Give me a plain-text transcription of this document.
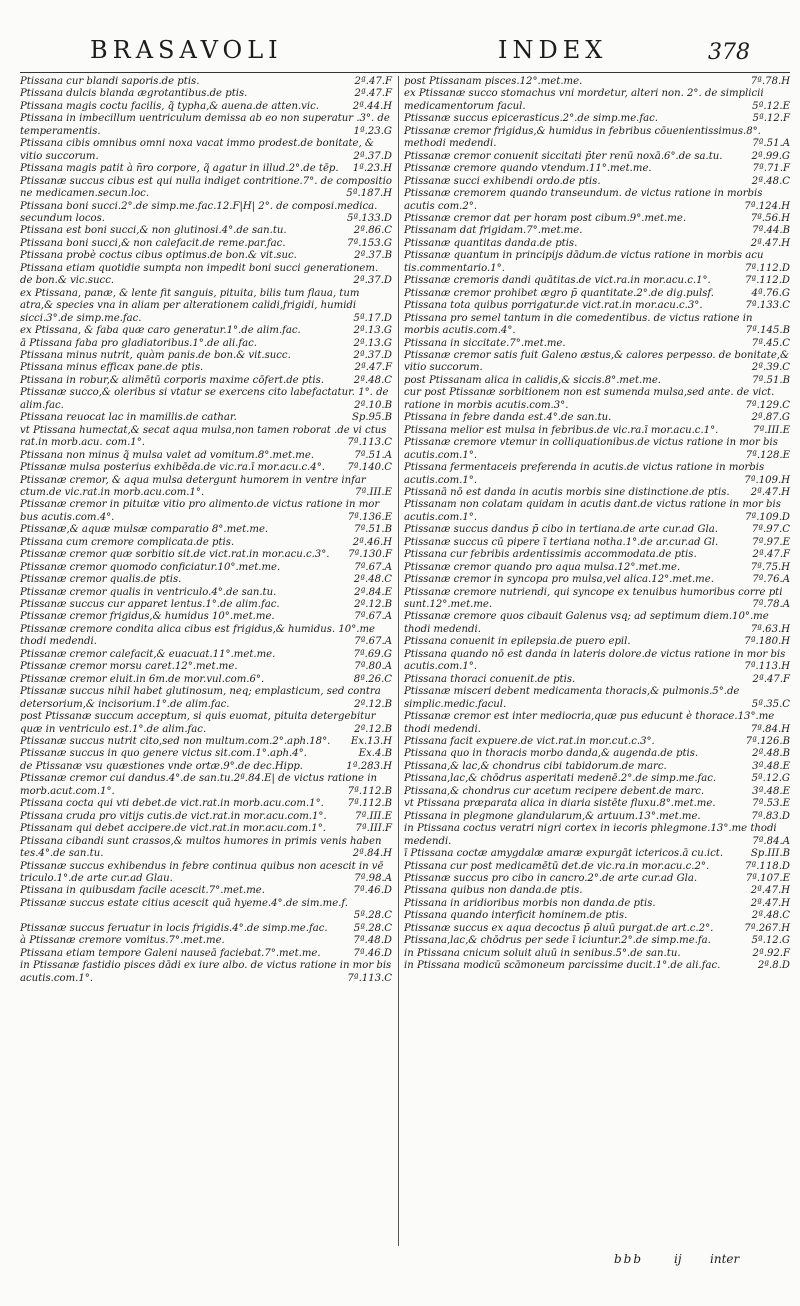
BRASAVOLI	INDEX	378

Ptissana cur blandi saporis.de ptis.	2ª.47.F

Ptissana dulcis blanda ægrotantibus.de ptis.	2ª.47.F

Ptissana magis coctu facilis, q̃ typha,& auena.de atten.vic.	2ª.44.H

Ptissana in imbecillum uentriculum demissa ab eo non superatur .3°. de temperamentis.	1ª.23.G

Ptissana cibis omnibus omni noxa vacat immo prodest.de bonitate, & vitio succorum.	2ª.37.D

Ptissana magis patit à n̄ro corpore, q̃ agatur in illud.2°.de tēp.	1ª.23.H

Ptissanæ succus cibus est qui nulla indiget contritione.7°. de compositio ne medicamen.secun.loc.	5ª.187.H

Ptissana boni succi.2°.de simp.me.fac.12.F|H| 2°. de composi.medica. secundum locos.	5ª.133.D

Ptissana est boni succi,& non glutinosi.4°.de san.tu.	2ª.86.C

Ptissana boni succi,& non calefacit.de reme.par.fac.	7ª.153.G

Ptissana probè coctus cibus optimus.de bon.& vit.suc.	2ª.37.B

Ptissana etiam quotidie sumpta non impedit boni succi generationem. de bon.& vic.succ.	2ª.37.D

ex Ptissana, panæ, & lente fit sanguis, pituita, bilis tum flaua, tum atra,& species vna in aliam per alterationem calidi,frigidi, humidi sicci.3°.de simp.me.fac.	5ª.17.D

ex Ptissana, & faba quæ caro generatur.1°.de alim.fac.	2ª.13.G

ā Ptissana faba pro gladiatoribus.1°.de ali.fac.	2ª.13.G

Ptissana minus nutrit, quàm panis.de bon.& vit.succ.	2ª.37.D

Ptissana minus efficax pane.de ptis.	2ª.47.F

Ptissana in robur,& alimētū corporis maxime cōfert.de ptis.	2ª.48.C

Ptissanæ succo,& oleribus si vtatur se exercens cito labefactatur. 1°. de alim.fac.	2ª.10.B

Ptissana reuocat lac in mamillis.de cathar.	Sp.95.B

vt Ptissana humectat,& secat aqua mulsa,non tamen roborat .de vi ctus rat.in morb.acu. com.1°.	7ª.113.C

Ptissana non minus q̃ mulsa valet ad vomitum.8°.met.me.	7ª.51.A

Ptissanæ mulsa posterius exhibēda.de vic.ra.ī mor.acu.c.4°.	7ª.140.C

Ptissanæ cremor, & aqua mulsa detergunt humorem in ventre infar ctum.de vic.rat.in morb.acu.com.1°.	7ª.III.E

Ptissanæ cremor in pituitæ vitio pro alimento.de victus ratione in mor bus acutis.com.4°.	7ª.136.E

Ptissanæ,& aquæ mulsæ comparatio 8°.met.me.	7ª.51.B

Ptissana cum cremore complicata.de ptis.	2ª.46.H

Ptissanæ cremor quæ sorbitio sit.de vict.rat.in mor.acu.c.3°.	7ª.130.F

Ptissanæ cremor quomodo conficiatur.10°.met.me.	7ª.67.A

Ptissanæ cremor qualis.de ptis.	2ª.48.C

Ptissanæ cremor qualis in ventriculo.4°.de san.tu.	2ª.84.E

Ptissanæ succus cur apparet lentus.1°.de alim.fac.	2ª.12.B

Ptissanæ cremor frigidus,& humidus 10°.met.me.	7ª.67.A

Ptissanæ cremore condita alica cibus est frigidus,& humidus. 10°.me thodi medendi.	7ª.67.A

Ptissanæ cremor calefacit,& euacuat.11°.met.me.	7ª.69.G

Ptissanæ cremor morsu caret.12°.met.me.	7ª.80.A

Ptissanæ cremor eluit.in 6m.de mor.vul.com.6°.	8ª.26.C

Ptissanæ succus nihil habet glutinosum, neq; emplasticum, sed contra detersorium,& incisorium.1°.de alim.fac.	2ª.12.B

post Ptissanæ succum acceptum, si quis euomat, pituita detergebitur quæ in ventriculo est.1°.de alim.fac.	2ª.12.B

Ptissanæ succus nutrit cito,sed non multum.com.2°.aph.18°.	Ex.13.H

Ptissanæ succus in quo genere victus sit.com.1°.aph.4°.	Ex.4.B

de Ptissanæ vsu quæstiones vnde ortæ.9°.de dec.Hipp.	1ª.283.H

Ptissanæ cremor cui dandus.4°.de san.tu.2ª.84.E| de victus ratione in morb.acut.com.1°.	7ª.112.B

Ptissana cocta qui vti debet.de vict.rat.in morb.acu.com.1°.	7ª.112.B

Ptissana cruda pro vitijs cutis.de vict.rat.in mor.acu.com.1°.	7ª.III.E

Ptissanam qui debet accipere.de vict.rat.in mor.acu.com.1°.	7ª.III.F

Ptissana cibandi sunt crassos,& multos humores in primis venis haben tes.4°.de san.tu.	2ª.84.H

Ptissanæ succus exhibendus in febre continua quibus non acescit in vē triculo.1°.de arte cur.ad Glau.	7ª.98.A

Ptissana in quibusdam facile acescit.7°.met.me.	7ª.46.D

Ptissanæ succus estate citius acescit quā hyeme.4°.de sim.me.f.
5ª.28.C

Ptissanæ succus feruatur in locis frigidis.4°.de simp.me.fac.	5ª.28.C

à Ptissanæ cremore vomitus.7°.met.me.	7ª.48.D

Ptissana etiam tempore Galeni nauseā faciebat.7°.met.me.	7ª.46.D

in Ptissanæ fastidio pisces dādi ex iure albo. de victus ratione in mor bis acutis.com.1°.	7ª.113.C

post Ptissanam pisces.12°.met.me.	7ª.78.H

ex Ptissanæ succo stomachus vni mordetur, alteri non. 2°. de simplicii medicamentorum facul.	5ª.12.E

Ptissanæ succus epicerasticus.2°.de simp.me.fac.	5ª.12.F

Ptissanæ cremor frigidus,& humidus in febribus cōuenientissimus.8°. methodi medendi.	7ª.51.A

Ptissanæ cremor conuenit siccitati p̄ter renū noxā.6°.de sa.tu.	2ª.99.G

Ptissanæ cremore quando vtendum.11°.met.me.	7ª.71.F

Ptissanæ succi exhibendi ordo.de ptis.	2ª.48.C

Ptissanæ cremorem quando transeundum. de victus ratione in morbis acutis com.2°.	7ª.124.H

Ptissanæ cremor dat per horam post cibum.9°.met.me.	7ª.56.H

Ptissanam dat frigidam.7°.met.me.	7ª.44.B

Ptissanæ quantitas danda.de ptis.	2ª.47.H

Ptissanæ quantum in principijs dādum.de victus ratione in morbis acu tis.commentario.1°.	7ª.112.D

Ptissanæ cremoris dandi quātitas.de vict.ra.in mor.acu.c.1°.	7ª.112.D

Ptissanæ cremor prohibet ægro p̄ quantitate.2°.de dig.pulsf.	4ª.76.G

Ptissana tota quibus porrigatur.de vict.rat.in mor.acu.c.3°.	7ª.133.C

Ptissana pro semel tantum in die comedentibus. de victus ratione in morbis acutis.com.4°.	7ª.145.B

Ptissana in siccitate.7°.met.me.	7ª.45.C

Ptissanæ cremor satis fuit Galeno æstus,& calores perpesso. de bonitate,& vitio succorum.	2ª.39.C

post Ptissanam alica in calidis,& siccis.8°.met.me.	7ª.51.B

cur post Ptissanæ sorbitionem non est sumenda mulsa,sed ante. de vict. ratione in morbis acutis.com.3°.	7ª.129.C

Ptissana in febre danda est.4°.de san.tu.	2ª.87.G

Ptissana melior est mulsa in febribus.de vic.ra.ī mor.acu.c.1°.	7ª.III.E

Ptissanæ cremore vtemur in colliquationibus.de victus ratione in mor bis acutis.com.1°.	7ª.128.E

Ptissana fermentaceis preferenda in acutis.de victus ratione in morbis acutis.com.1°.	7ª.109.H

Ptissanā nō est danda in acutis morbis sine distinctione.de ptis.	2ª.47.H

Ptissanam non colatam quidam in acutis dant.de victus ratione in mor bis acutis.com.1°.	7ª.109.D

Ptissanæ succus dandus p̄ cibo in tertiana.de arte cur.ad Gla.	7ª.97.C

Ptissanæ succus cū pipere ī tertiana notha.1°.de ar.cur.ad Gl.	7ª.97.E

Ptissana cur febribis ardentissimis accommodata.de ptis.	2ª.47.F

Ptissanæ cremor quando pro aqua mulsa.12°.met.me.	7ª.75.H

Ptissanæ cremor in syncopa pro mulsa,vel alica.12°.met.me.	7ª.76.A

Ptissanæ cremore nutriendi, qui syncope ex tenuibus humoribus corre pti sunt.12°.met.me.	7ª.78.A

Ptissanæ cremore quos cibauit Galenus vsq; ad septimum diem.10°.me thodi medendi.	7ª.63.H

Ptissana conuenit in epilepsia.de puero epil.	7ª.180.H

Ptissana quando nō est danda in lateris dolore.de victus ratione in mor bis acutis.com.1°.	7ª.113.H

Ptissana thoraci conuenit.de ptis.	2ª.47.F

Ptissanæ misceri debent medicamenta thoracis,& pulmonis.5°.de simplic.medic.facul.	5ª.35.C

Ptissanæ cremor est inter mediocria,quæ pus educunt è thorace.13°.me thodi medendi.	7ª.84.H

Ptissana facit expuere.de vict.rat.in mor.cut.c.3°.	7ª.126.B

Ptissana quo in thoracis morbo danda,& augenda.de ptis.	2ª.48.B

Ptissana,& lac,& chondrus cibi tabidorum.de marc.	3ª.48.E

Ptissana,lac,& chōdrus asperitati medenē.2°.de simp.me.fac.	5ª.12.G

Ptissana,& chondrus cur acetum recipere debent.de marc.	3ª.48.E

vt Ptissana præparata alica in diaria sistēte fluxu.8°.met.me.	7ª.53.E

Ptissana in plegmone glandularum,& artuum.13°.met.me.	7ª.83.D

in Ptissana coctus veratri nigri cortex in iecoris phlegmone.13°.me thodi medendi.	7ª.84.A

ī Ptissana coctæ amygdalæ amaræ expurgāt ictericos.ā cu.ict.	Sp.III.B

Ptissana cur post medicamētū det.de vic.ra.in mor.acu.c.2°.	7ª.118.D

Ptissanæ succus pro cibo in cancro.2°.de arte cur.ad Gla.	7ª.107.E

Ptissana quibus non danda.de ptis.	2ª.47.H

Ptissana in aridioribus morbis non danda.de ptis.	2ª.47.H

Ptissana quando interficit hominem.de ptis.	2ª.48.C

Ptissanæ succus ex aqua decoctus p̄ aluū purgat.de art.c.2°.	7ª.267.H

Ptissana,lac,& chōdrus per sede ī iciuntur.2°.de simp.me.fa.	5ª.12.G

in Ptissana cnicum soluit aluū in senibus.5°.de san.tu.	2ª.92.F

in Ptissana modicū scāmoneum parcissime ducit.1°.de ali.fac.	2ª.8.D

bbb	ij inter
